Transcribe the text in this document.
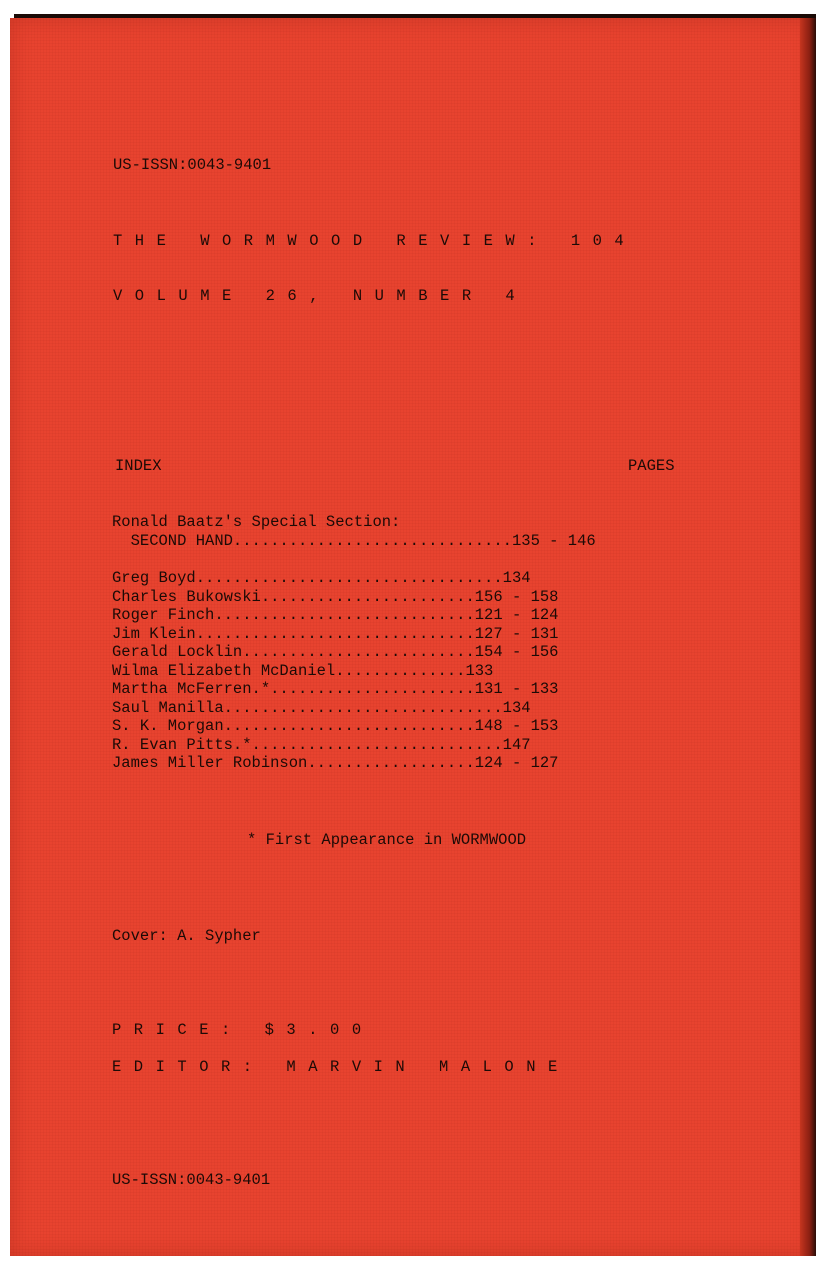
US-ISSN:0043-9401
THE WORMWOOD REVIEW: 104
VOLUME 26, NUMBER 4
INDEX	PAGES
Ronald Baatz's Special Section:
SECOND HAND..............................135 - 146
Greg Boyd.................................134
Charles Bukowski.......................156 - 158
Roger Finch............................121 - 124
Jim Klein..............................127 - 131
Gerald Locklin.........................154 - 156
Wilma Elizabeth McDaniel..............133
Martha McFerren.*......................131 - 133
Saul Manilla..............................134
S. K. Morgan...........................148 - 153
R. Evan Pitts.*...........................147
James Miller Robinson..................124 - 127
* First Appearance in WORMWOOD
Cover: A. Sypher
PRICE: $3.00
EDITOR: MARVIN MALONE
US-ISSN:0043-9401
